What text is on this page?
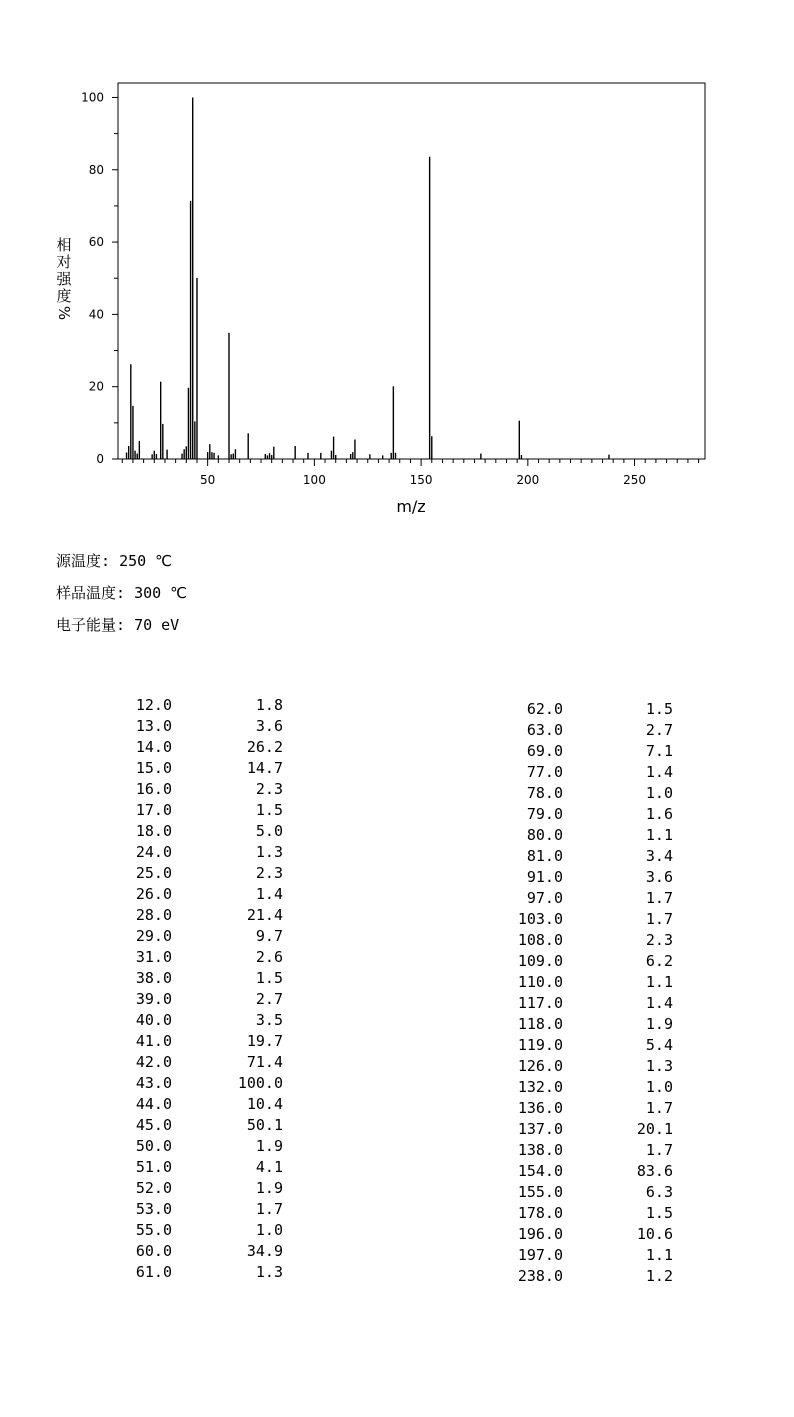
0
20
40
60
80
100
50	100	150	200	250
m/z
相
对
强
度
%
源温度: 250 ℃
样品温度: 300 ℃
电子能量: 70 eV
12.0	1.8
13.0	3.6
14.0	26.2
15.0	14.7
16.0	2.3
17.0	1.5
18.0	5.0
24.0	1.3
25.0	2.3
26.0	1.4
28.0	21.4
29.0	9.7
31.0	2.6
38.0	1.5
39.0	2.7
40.0	3.5
41.0	19.7
42.0	71.4
43.0	100.0
44.0	10.4
45.0	50.1
50.0	1.9
51.0	4.1
52.0	1.9
53.0	1.7
55.0	1.0
60.0	34.9
61.0	1.3
62.0	1.5
63.0	2.7
69.0	7.1
77.0	1.4
78.0	1.0
79.0	1.6
80.0	1.1
81.0	3.4
91.0	3.6
97.0	1.7
103.0	1.7
108.0	2.3
109.0	6.2
110.0	1.1
117.0	1.4
118.0	1.9
119.0	5.4
126.0	1.3
132.0	1.0
136.0	1.7
137.0	20.1
138.0	1.7
154.0	83.6
155.0	6.3
178.0	1.5
196.0	10.6
197.0	1.1
238.0	1.2
